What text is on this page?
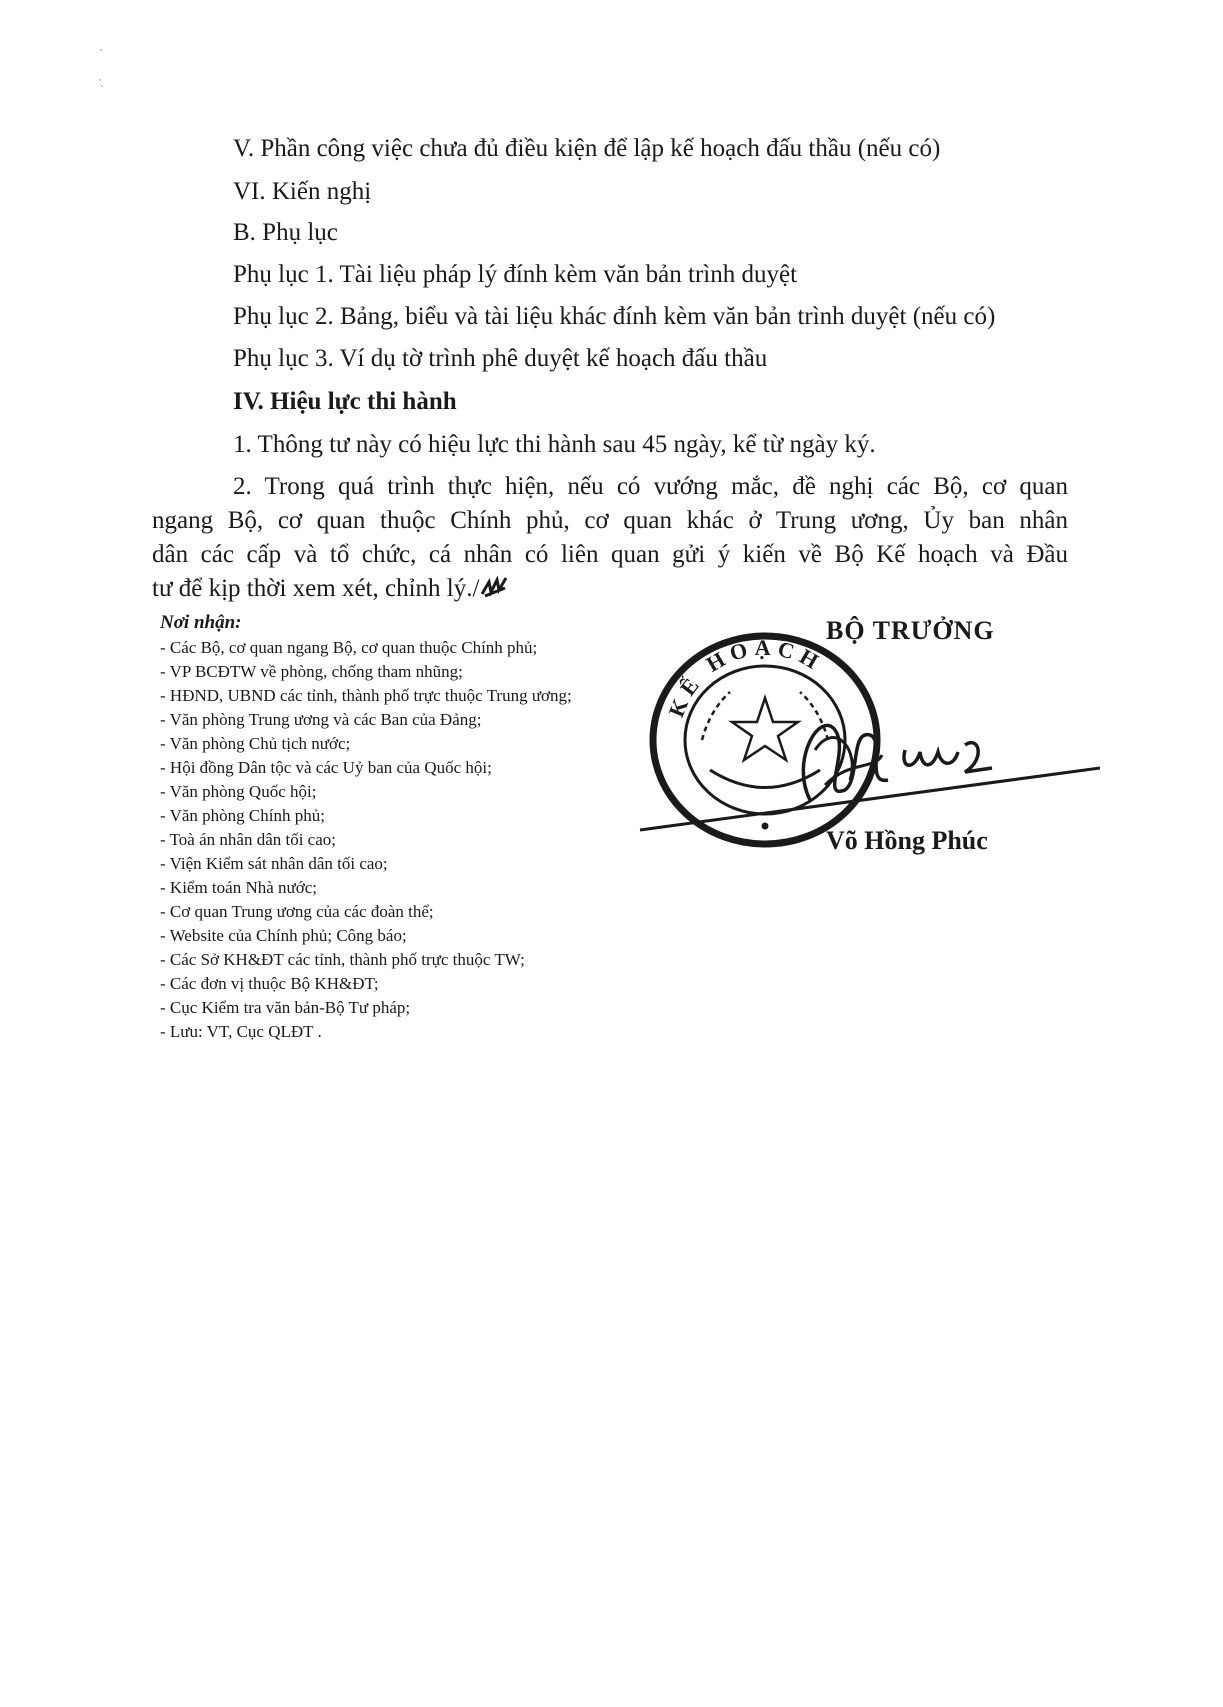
V. Phần công việc chưa đủ điều kiện để lập kế hoạch đấu thầu (nếu có)
VI. Kiến nghị
B. Phụ lục
Phụ lục 1. Tài liệu pháp lý đính kèm văn bản trình duyệt
Phụ lục 2. Bảng, biểu và tài liệu khác đính kèm văn bản trình duyệt (nếu có)
Phụ lục 3. Ví dụ tờ trình phê duyệt kế hoạch đấu thầu
IV. Hiệu lực thi hành
1. Thông tư này có hiệu lực thi hành sau 45 ngày, kể từ ngày ký.
2. Trong quá trình thực hiện, nếu có vướng mắc, đề nghị các Bộ, cơ quan
ngang Bộ, cơ quan thuộc Chính phủ, cơ quan khác ở Trung ương, Ủy ban nhân
dân các cấp và tổ chức, cá nhân có liên quan gửi ý kiến về Bộ Kế hoạch và Đầu
tư để kịp thời xem xét, chỉnh lý./
Nơi nhận:
- Các Bộ, cơ quan ngang Bộ, cơ quan thuộc Chính phủ;
- VP BCĐTW về phòng, chống tham nhũng;
- HĐND, UBND các tỉnh, thành phố trực thuộc Trung ương;
- Văn phòng Trung ương và các Ban của Đảng;
- Văn phòng Chủ tịch nước;
- Hội đồng Dân tộc và các Uỷ ban của Quốc hội;
- Văn phòng Quốc hội;
- Văn phòng Chính phủ;
- Toà án nhân dân tối cao;
- Viện Kiểm sát nhân dân tối cao;
- Kiểm toán Nhà nước;
- Cơ quan Trung ương của các đoàn thể;
- Website của Chính phủ; Công báo;
- Các Sở KH&ĐT các tỉnh, thành phố trực thuộc TW;
- Các đơn vị thuộc Bộ KH&ĐT;
- Cục Kiểm tra văn bản-Bộ Tư pháp;
- Lưu: VT, Cục QLĐT .
KẾ HOẠCH
BỘ TRƯỞNG
Võ Hồng Phúc
